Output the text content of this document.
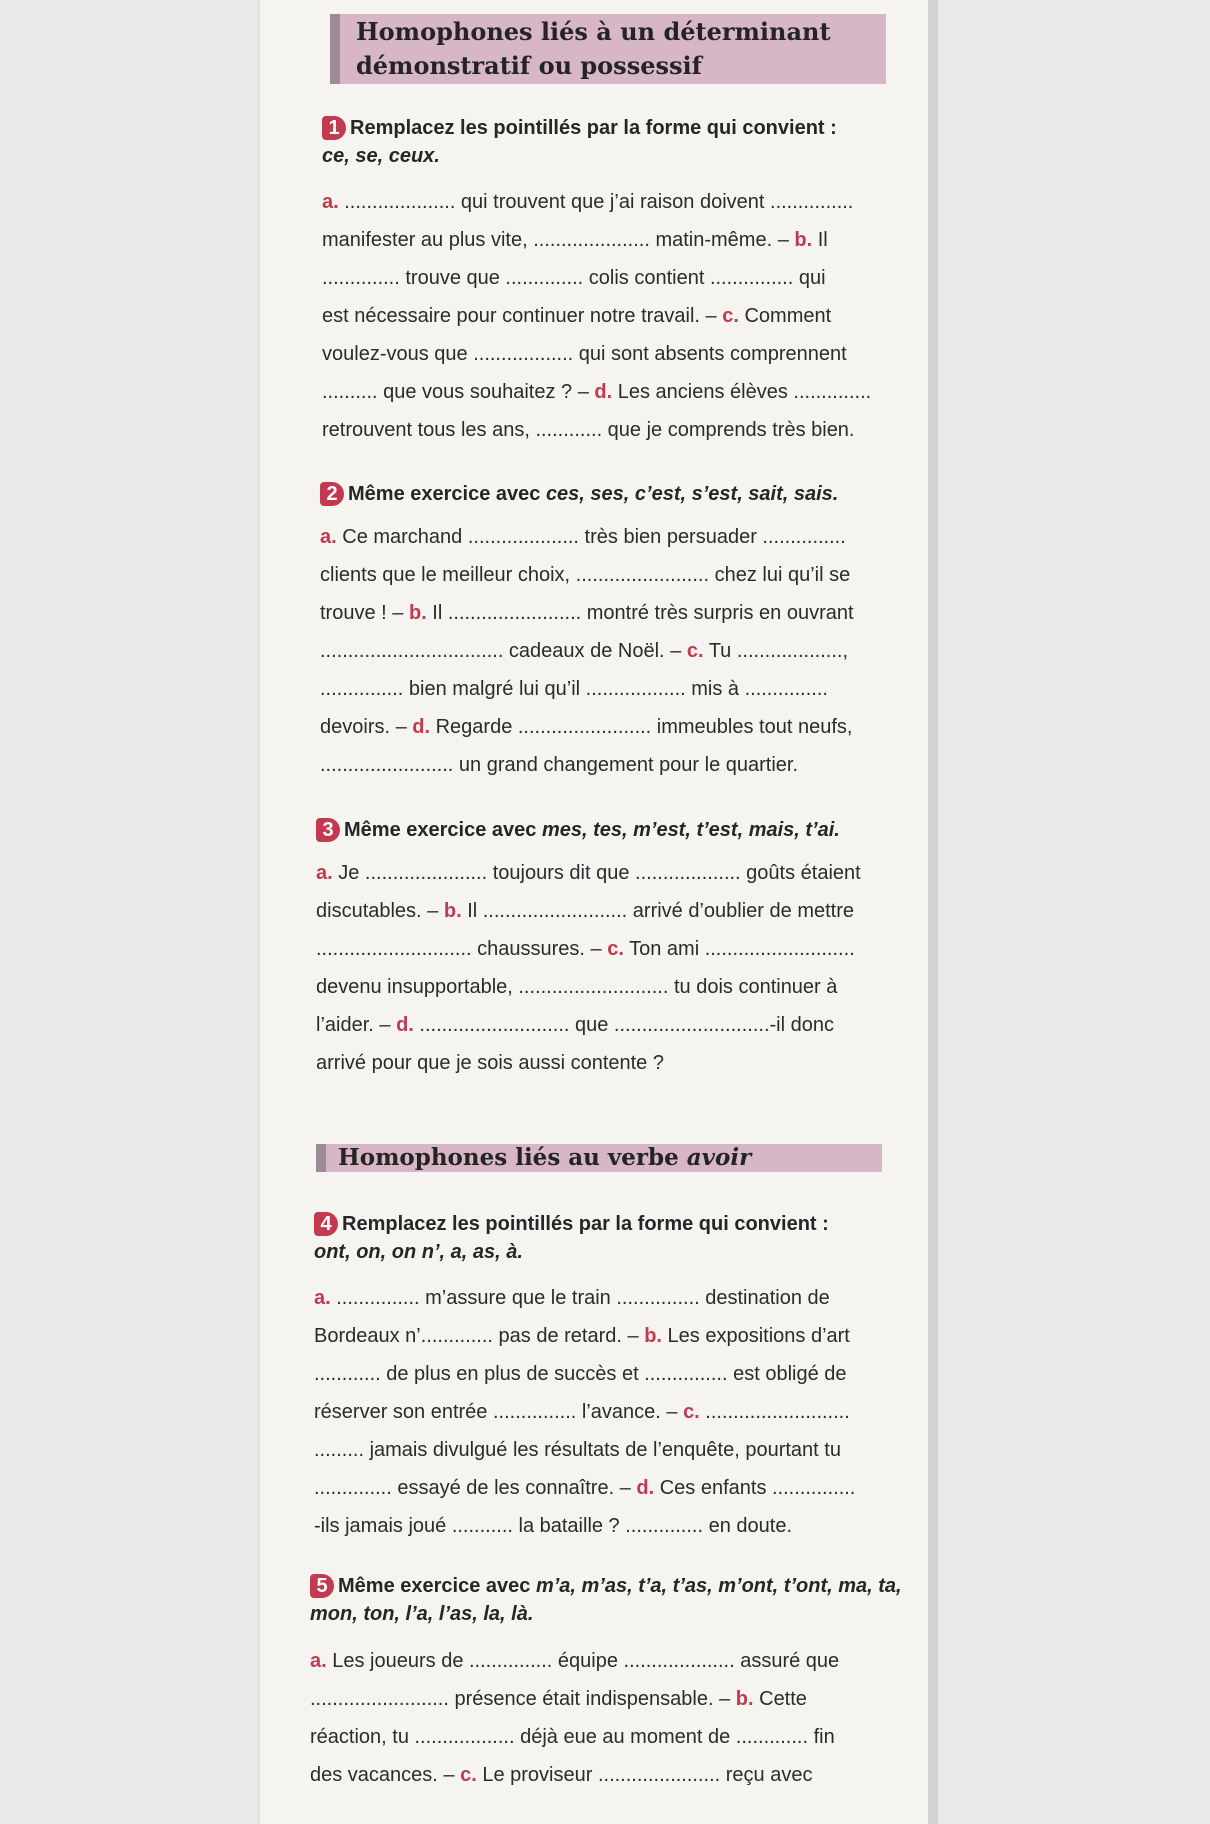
Homophones liés à un déterminant démonstratif ou possessif
1 Remplacez les pointillés par la forme qui convient :
ce, se, ceux.
a. .................... qui trouvent que j’ai raison doivent ...............
manifester au plus vite, ..................... matin-même. – b. Il
.............. trouve que .............. colis contient ............... qui
est nécessaire pour continuer notre travail. – c. Comment
voulez-vous que .................. qui sont absents comprennent
.......... que vous souhaitez ? – d. Les anciens élèves ..............
retrouvent tous les ans, ............ que je comprends très bien.
2 Même exercice avec ces, ses, c’est, s’est, sait, sais.
a. Ce marchand .................... très bien persuader ...............
clients que le meilleur choix, ........................ chez lui qu’il se
trouve ! – b. Il ........................ montré très surpris en ouvrant
................................. cadeaux de Noël. – c. Tu ...................,
............... bien malgré lui qu’il .................. mis à ...............
devoirs. – d. Regarde ........................ immeubles tout neufs,
........................ un grand changement pour le quartier.
3 Même exercice avec mes, tes, m’est, t’est, mais, t’ai.
a. Je ...................... toujours dit que ................... goûts étaient
discutables. – b. Il .......................... arrivé d’oublier de mettre
............................ chaussures. – c. Ton ami ...........................
devenu insupportable, ........................... tu dois continuer à
l’aider. – d. ........................... que ............................-il donc
arrivé pour que je sois aussi contente ?
Homophones liés au verbe avoir
4 Remplacez les pointillés par la forme qui convient :
ont, on, on n’, a, as, à.
a. ............... m’assure que le train ............... destination de
Bordeaux n’............. pas de retard. – b. Les expositions d’art
............ de plus en plus de succès et ............... est obligé de
réserver son entrée ............... l’avance. – c. ..........................
......... jamais divulgué les résultats de l’enquête, pourtant tu
.............. essayé de les connaître. – d. Ces enfants ...............
-ils jamais joué ........... la bataille ? .............. en doute.
5 Même exercice avec m’a, m’as, t’a, t’as, m’ont, t’ont, ma, ta, mon, ton, l’a, l’as, la, là.
a. Les joueurs de ............... équipe .................... assuré que
......................... présence était indispensable. – b. Cette
réaction, tu .................. déjà eue au moment de ............. fin
des vacances. – c. Le proviseur ...................... reçu avec
